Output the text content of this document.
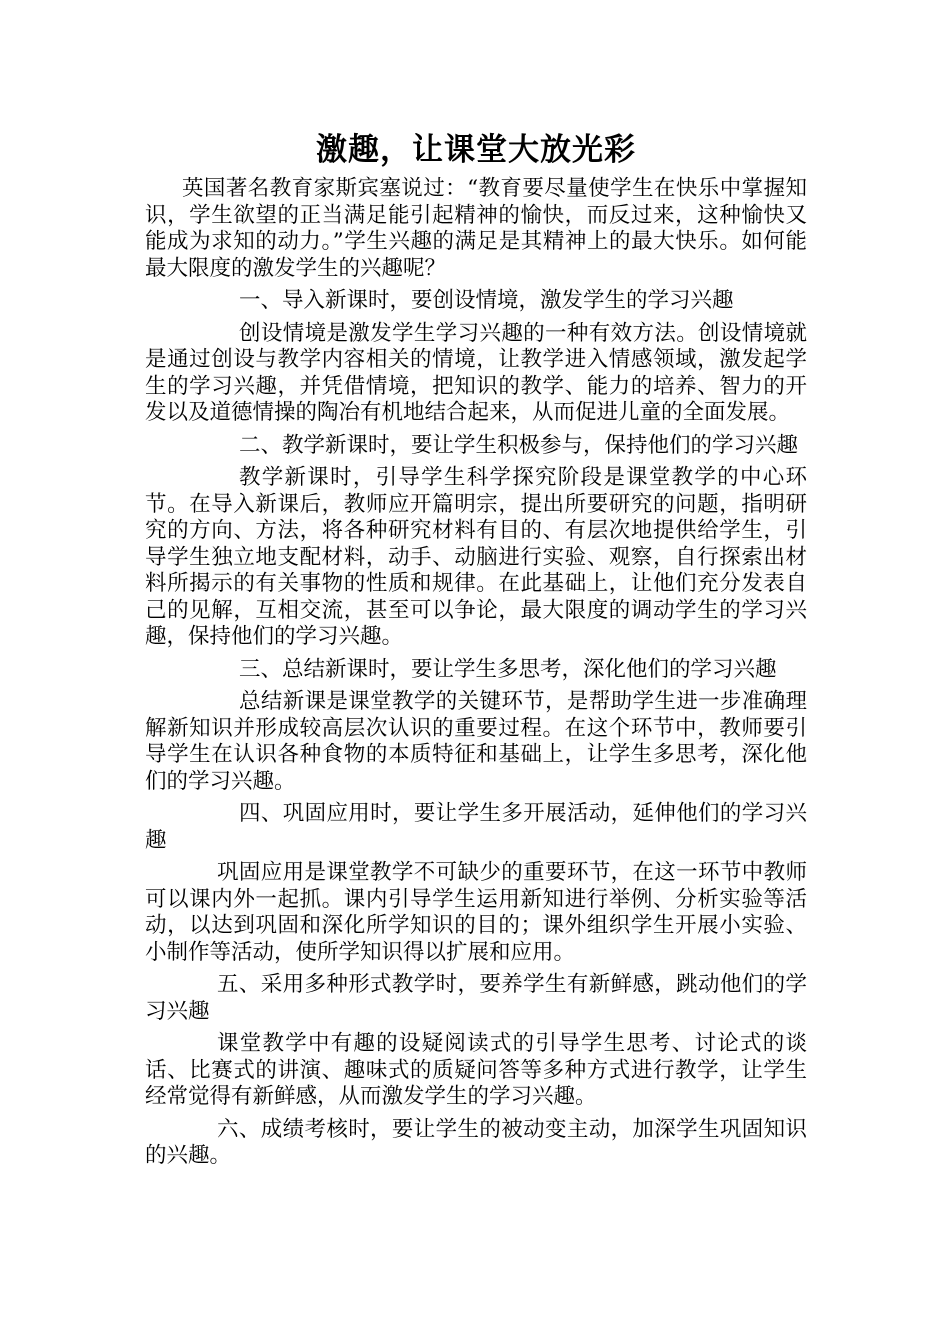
激趣，让课堂大放光彩

英国著名教育家斯宾塞说过：“教育要尽量使学生在快乐中掌握知识，学生欲望的正当满足能引起精神的愉快，而反过来，这种愉快又能成为求知的动力。”学生兴趣的满足是其精神上的最大快乐。如何能最大限度的激发学生的兴趣呢？

一、导入新课时，要创设情境，激发学生的学习兴趣

创设情境是激发学生学习兴趣的一种有效方法。创设情境就是通过创设与教学内容相关的情境，让教学进入情感领域，激发起学生的学习兴趣，并凭借情境，把知识的教学、能力的培养、智力的开发以及道德情操的陶冶有机地结合起来，从而促进儿童的全面发展。

二、教学新课时，要让学生积极参与，保持他们的学习兴趣

教学新课时，引导学生科学探究阶段是课堂教学的中心环节。在导入新课后，教师应开篇明宗，提出所要研究的问题，指明研究的方向、方法，将各种研究材料有目的、有层次地提供给学生，引导学生独立地支配材料，动手、动脑进行实验、观察，自行探索出材料所揭示的有关事物的性质和规律。在此基础上，让他们充分发表自己的见解，互相交流，甚至可以争论，最大限度的调动学生的学习兴趣，保持他们的学习兴趣。

三、总结新课时，要让学生多思考，深化他们的学习兴趣

总结新课是课堂教学的关键环节，是帮助学生进一步准确理解新知识并形成较高层次认识的重要过程。在这个环节中，教师要引导学生在认识各种食物的本质特征和基础上，让学生多思考，深化他们的学习兴趣。

四、巩固应用时，要让学生多开展活动，延伸他们的学习兴趣

巩固应用是课堂教学不可缺少的重要环节，在这一环节中教师可以课内外一起抓。课内引导学生运用新知进行举例、分析实验等活动，以达到巩固和深化所学知识的目的；课外组织学生开展小实验、小制作等活动，使所学知识得以扩展和应用。

五、采用多种形式教学时，要养学生有新鲜感，跳动他们的学习兴趣

课堂教学中有趣的设疑阅读式的引导学生思考、讨论式的谈话、比赛式的讲演、趣味式的质疑问答等多种方式进行教学，让学生经常觉得有新鲜感，从而激发学生的学习兴趣。

六、成绩考核时，要让学生的被动变主动，加深学生巩固知识的兴趣。
